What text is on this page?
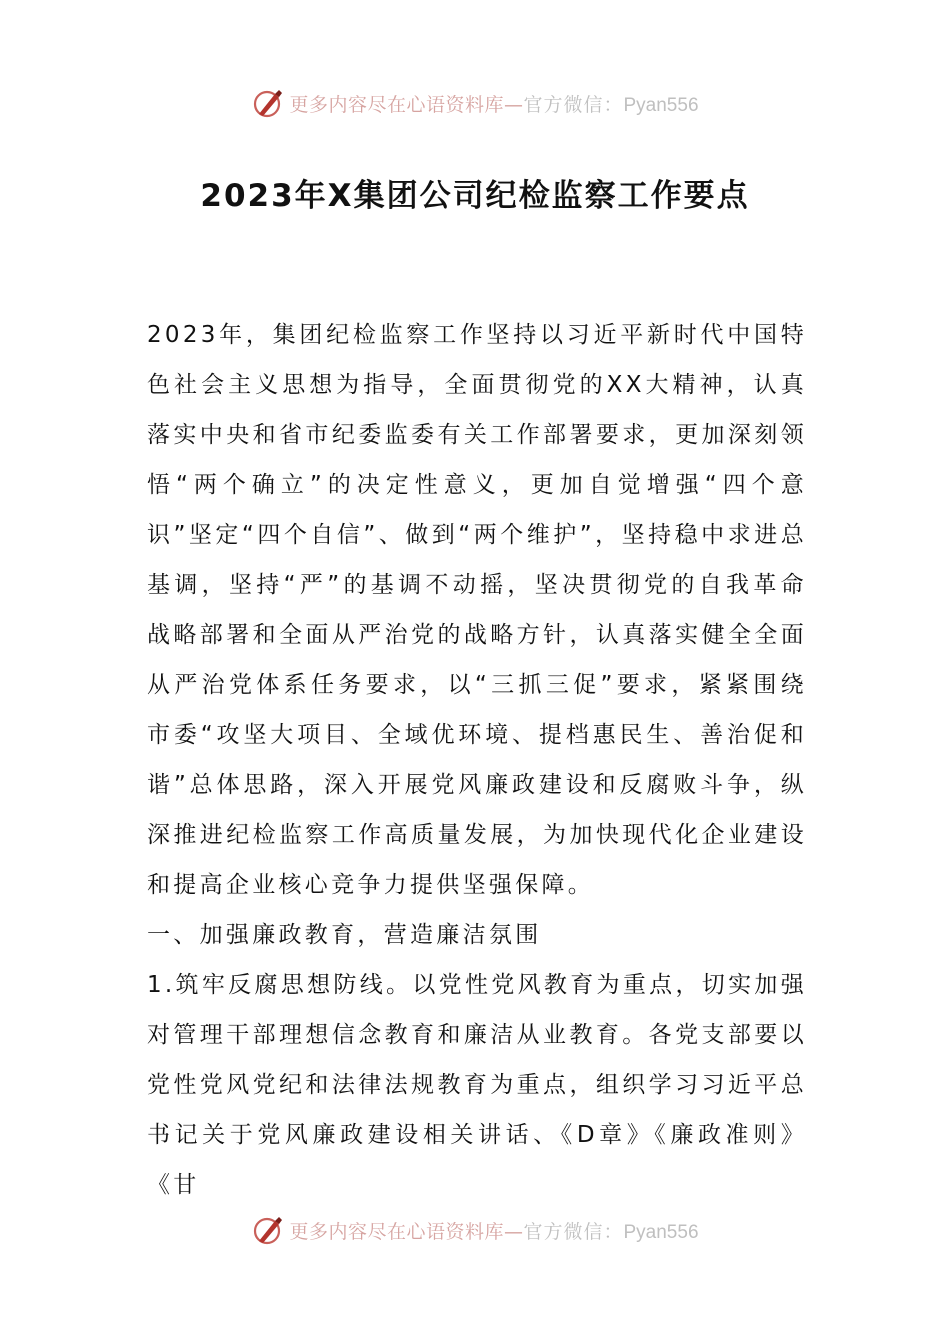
更多内容尽在心语资料库— 官方微信：Pyan556
2023年X集团公司纪检监察工作要点

2023年，集团纪检监察工作坚持以习近平新时代中国特色社会主义思想为指导，全面贯彻党的XX大精神，认真落实中央和省市纪委监委有关工作部署要求，更加深刻领悟“两个确立”的决定性意义，更加自觉增强“四个意识”坚定“四个自信”、做到“两个维护”，坚持稳中求进总基调，坚持“严”的基调不动摇，坚决贯彻党的自我革命战略部署和全面从严治党的战略方针，认真落实健全全面从严治党体系任务要求，以“三抓三促”要求，紧紧围绕市委“攻坚大项目、全域优环境、提档惠民生、善治促和谐”总体思路，深入开展党风廉政建设和反腐败斗争，纵深推进纪检监察工作高质量发展，为加快现代化企业建设和提高企业核心竞争力提供坚强保障。

一、加强廉政教育，营造廉洁氛围

1.筑牢反腐思想防线。以党性党风教育为重点，切实加强对管理干部理想信念教育和廉洁从业教育。各党支部要以党性党风党纪和法律法规教育为重点，组织学习习近平总书记关于党风廉政建设相关讲话、《D章》《廉政准则》《甘

更多内容尽在心语资料库— 官方微信：Pyan556
